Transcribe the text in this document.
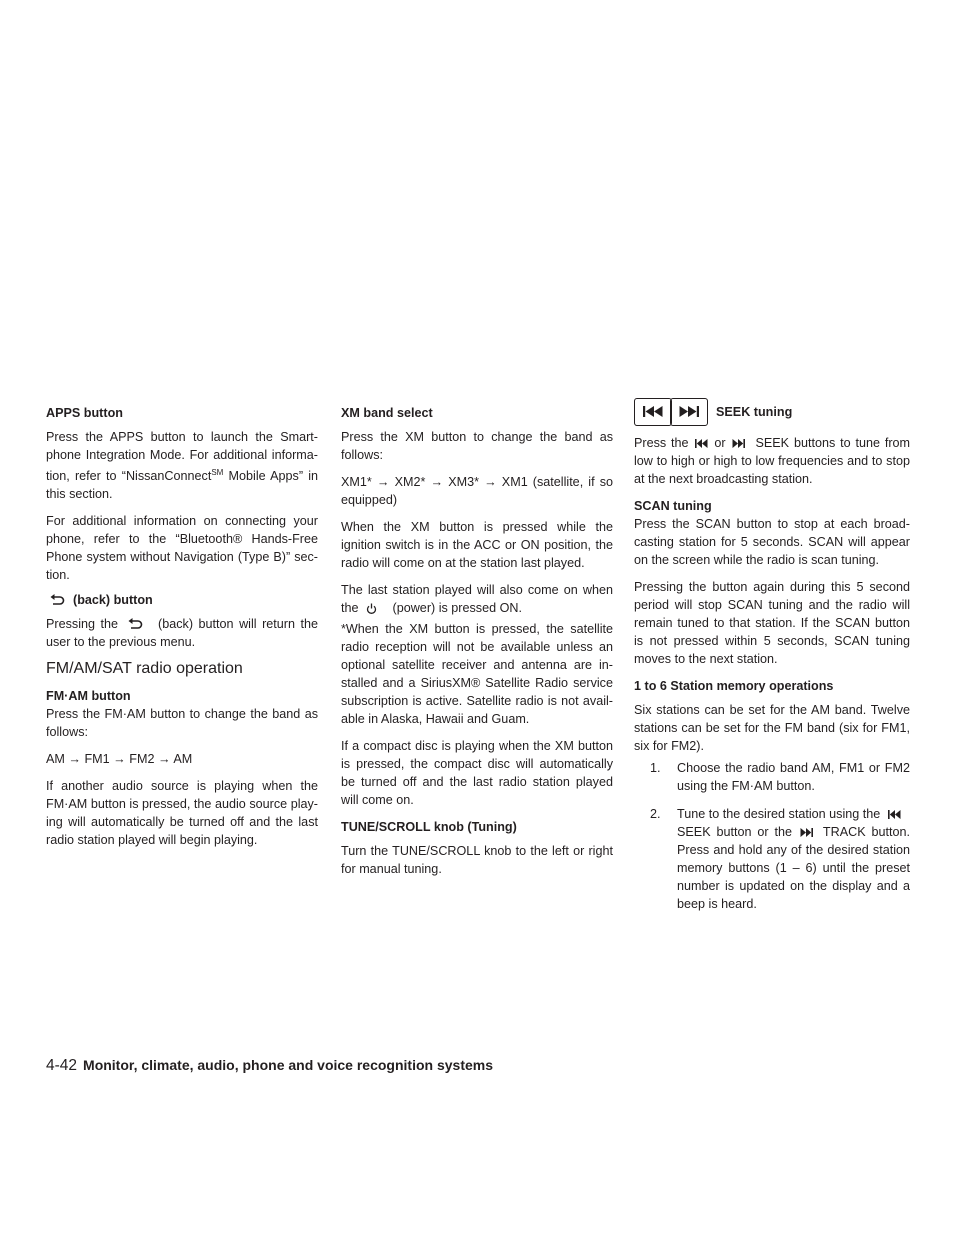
APPS button
Press the APPS button to launch the Smart-phone Integration Mode. For additional informa-tion, refer to “NissanConnect℠ Mobile Apps” in this section.
For additional information on connecting your phone, refer to the “Bluetooth® Hands-Free Phone system without Navigation (Type B)” sec-tion.
(back) button
Pressing the	(back) button will return the user to the previous menu.
FM/AM/SAT radio operation
FM·AM button
Press the FM·AM button to change the band as follows:
AM → FM1 → FM2 → AM
If another audio source is playing when the FM·AM button is pressed, the audio source play-ing will automatically be turned off and the last radio station played will begin playing.
XM band select
Press the XM button to change the band as follows:
XM1* → XM2* → XM3* → XM1 (satellite, if so equipped)
When the XM button is pressed while the ignition switch is in the ACC or ON position, the radio will come on at the station last played.
The last station played will also come on when the	(power) is pressed ON.
*When the XM button is pressed, the satellite radio reception will not be available unless an optional satellite receiver and antenna are in-stalled and a SiriusXM® Satellite Radio service subscription is active. Satellite radio is not avail-able in Alaska, Hawaii and Guam.
If a compact disc is playing when the XM button is pressed, the compact disc will automatically be turned off and the last radio station played will come on.
TUNE/SCROLL knob (Tuning)
Turn the TUNE/SCROLL knob to the left or right for manual tuning.
SEEK tuning
Press the or SEEK buttons to tune from low to high or high to low frequencies and to stop at the next broadcasting station.
SCAN tuning
Press the SCAN button to stop at each broad-casting station for 5 seconds. SCAN will appear on the screen while the radio is scan tuning.
Pressing the button again during this 5 second period will stop SCAN tuning and the radio will remain tuned to that station. If the SCAN button is not pressed within 5 seconds, SCAN tuning moves to the next station.
1 to 6 Station memory operations
Six stations can be set for the AM band. Twelve stations can be set for the FM band (six for FM1, six for FM2).
1. Choose the radio band AM, FM1 or FM2 using the FM·AM button.
2. Tune to the desired station using the

SEEK button or the TRACK button. Press and hold any of the desired station memory buttons (1 – 6) until the preset number is updated on the display and a beep is heard.
4-42 Monitor, climate, audio, phone and voice recognition systems
